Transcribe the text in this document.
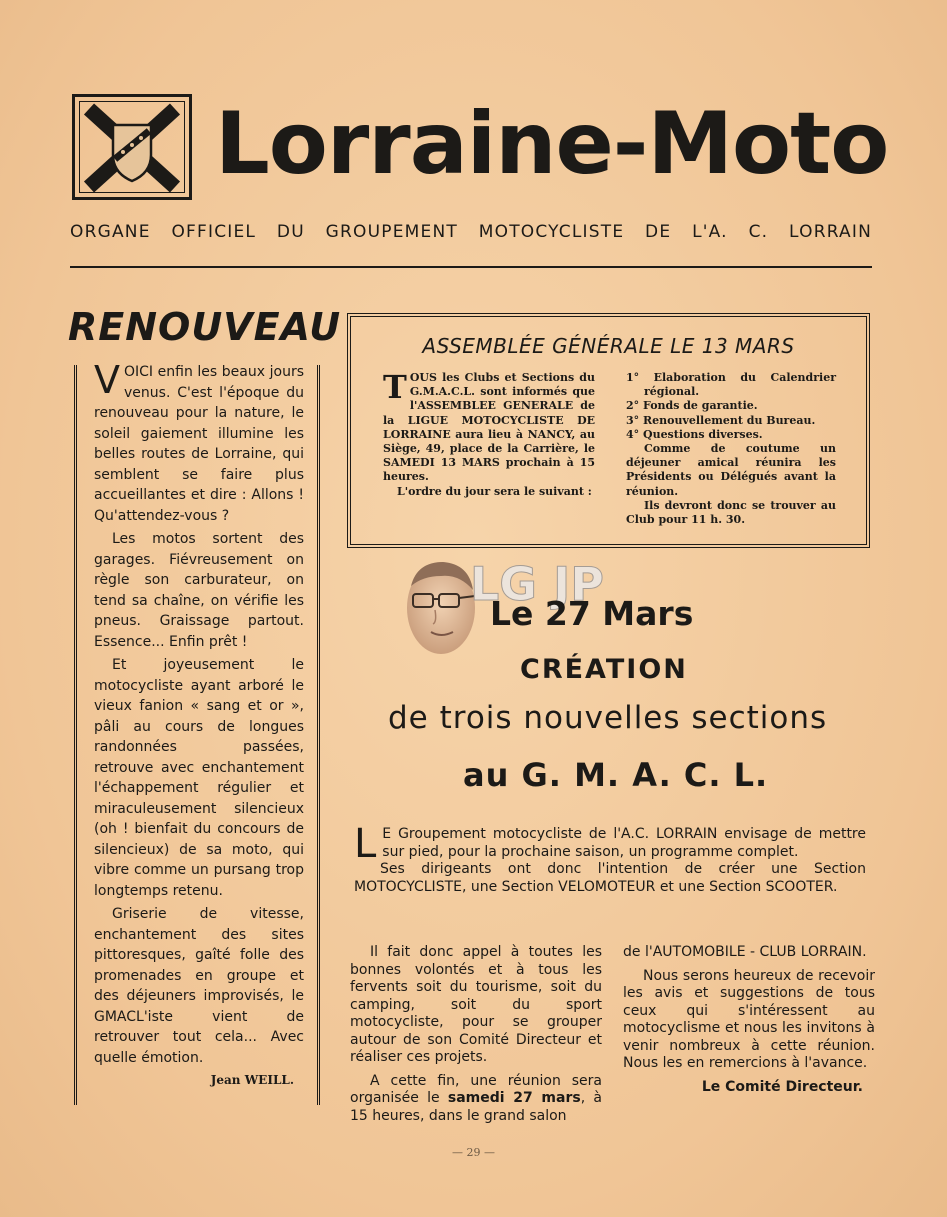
Lorraine-Moto
ORGANE OFFICIEL DU GROUPEMENT MOTOCYCLISTE DE L'A. C. LORRAIN
RENOUVEAU

VOICI enfin les beaux jours venus. C'est l'époque du renouveau pour la nature, le soleil gaiement illumine les belles routes de Lorraine, qui semblent se faire plus accueillantes et dire : Allons ! Qu'attendez-vous ?

Les motos sortent des garages. Fiévreusement on règle son carburateur, on tend sa chaîne, on vérifie les pneus. Graissage partout. Essence... Enfin prêt !

Et joyeusement le motocycliste ayant arboré le vieux fanion « sang et or », pâli au cours de longues randonnées passées, retrouve avec enchantement l'échappement régulier et miraculeusement silencieux (oh ! bienfait du concours de silencieux) de sa moto, qui vibre comme un pursang trop longtemps retenu.

Griserie de vitesse, enchantement des sites pittoresques, gaîté folle des promenades en groupe et des déjeuners improvisés, le GMACL'iste vient de retrouver tout cela... Avec quelle émotion.

Jean WEILL.
ASSEMBLÉE GÉNÉRALE LE 13 MARS

TOUS les Clubs et Sections du G.M.A.C.L. sont informés que l'ASSEMBLEE GENERALE de la LIGUE MOTOCYCLISTE DE LORRAINE aura lieu à NANCY, au Siège, 49, place de la Carrière, le SAMEDI 13 MARS prochain à 15 heures.

L'ordre du jour sera le suivant :

1° Elaboration du Calendrier régional.

2° Fonds de garantie.

3° Renouvellement du Bureau.

4° Questions diverses.

Comme de coutume un déjeuner amical réunira les Présidents ou Délégués avant la réunion.

Ils devront donc se trouver au Club pour 11 h. 30.

LG JP
Le 27 Mars
CRÉATION
de trois nouvelles sections
au G. M. A. C. L.

L E Groupement motocycliste de l'A.C. LORRAIN envisage de mettre sur pied, pour la prochaine saison, un programme complet.

Ses dirigeants ont donc l'intention de créer une Section MOTOCYCLISTE, une Section VELOMOTEUR et une Section SCOOTER.

Il fait donc appel à toutes les bonnes volontés et à tous les fervents soit du tourisme, soit du camping, soit du sport motocycliste, pour se grouper autour de son Comité Directeur et réaliser ces projets.

A cette fin, une réunion sera organisée le samedi 27 mars, à 15 heures, dans le grand salon

de l'AUTOMOBILE - CLUB LORRAIN.

Nous serons heureux de recevoir les avis et suggestions de tous ceux qui s'intéressent au motocyclisme et nous les invitons à venir nombreux à cette réunion. Nous les en remercions à l'avance.

Le Comité Directeur.
— 29 —
